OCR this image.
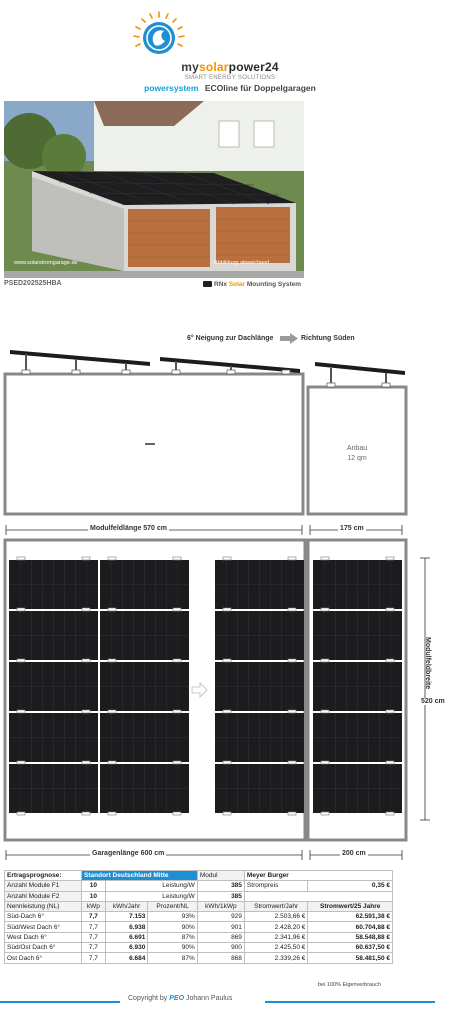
mysolarpower24
SMART ENERGY SOLUTIONS
powersystem ECOline für Doppelgaragen
www.solarstromgarage.de	Abbildung abweichend
PSED202525HBA	RNx Solar Mounting System
6° Neigung zur Dachlänge	Richtung Süden
Anbau
12 qm
Modulfeldlänge 570 cm	175 cm
Modulfeldbreite
520 cm
Garagenlänge 600 cm	200 cm
Ertragsprognose:	Standort Deutschland Mitte			Modul	Meyer Burger	
Anzahl Module F1	10	Leistung/W		385	Strompreis	0,35 €
Anzahl Module F2	10	Leistung/W		385		
Nennleistung (NL)	kWp	kWh/Jahr	Prozent/NL	kWh/1kWp	Stromwert/Jahr	Stromwert/25 Jahre
Süd-Dach 6°	7,7	7.153	93%	929	2.503,66 €	62.591,38 €
Süd/West Dach 6°	7,7	6.938	90%	901	2.428,20 €	60.704,88 €
West Dach 6°	7,7	6.691	87%	869	2.341,96 €	58.548,88 €
Süd/Ost Dach 6°	7,7	6.930	90%	900	2.425,50 €	60.637,50 €
Ost Dach 6°	7,7	6.684	87%	868	2.339,26 €	58.481,50 €
bei 100% Eigenverbrauch
Copyright by PEO Johann Paulus
